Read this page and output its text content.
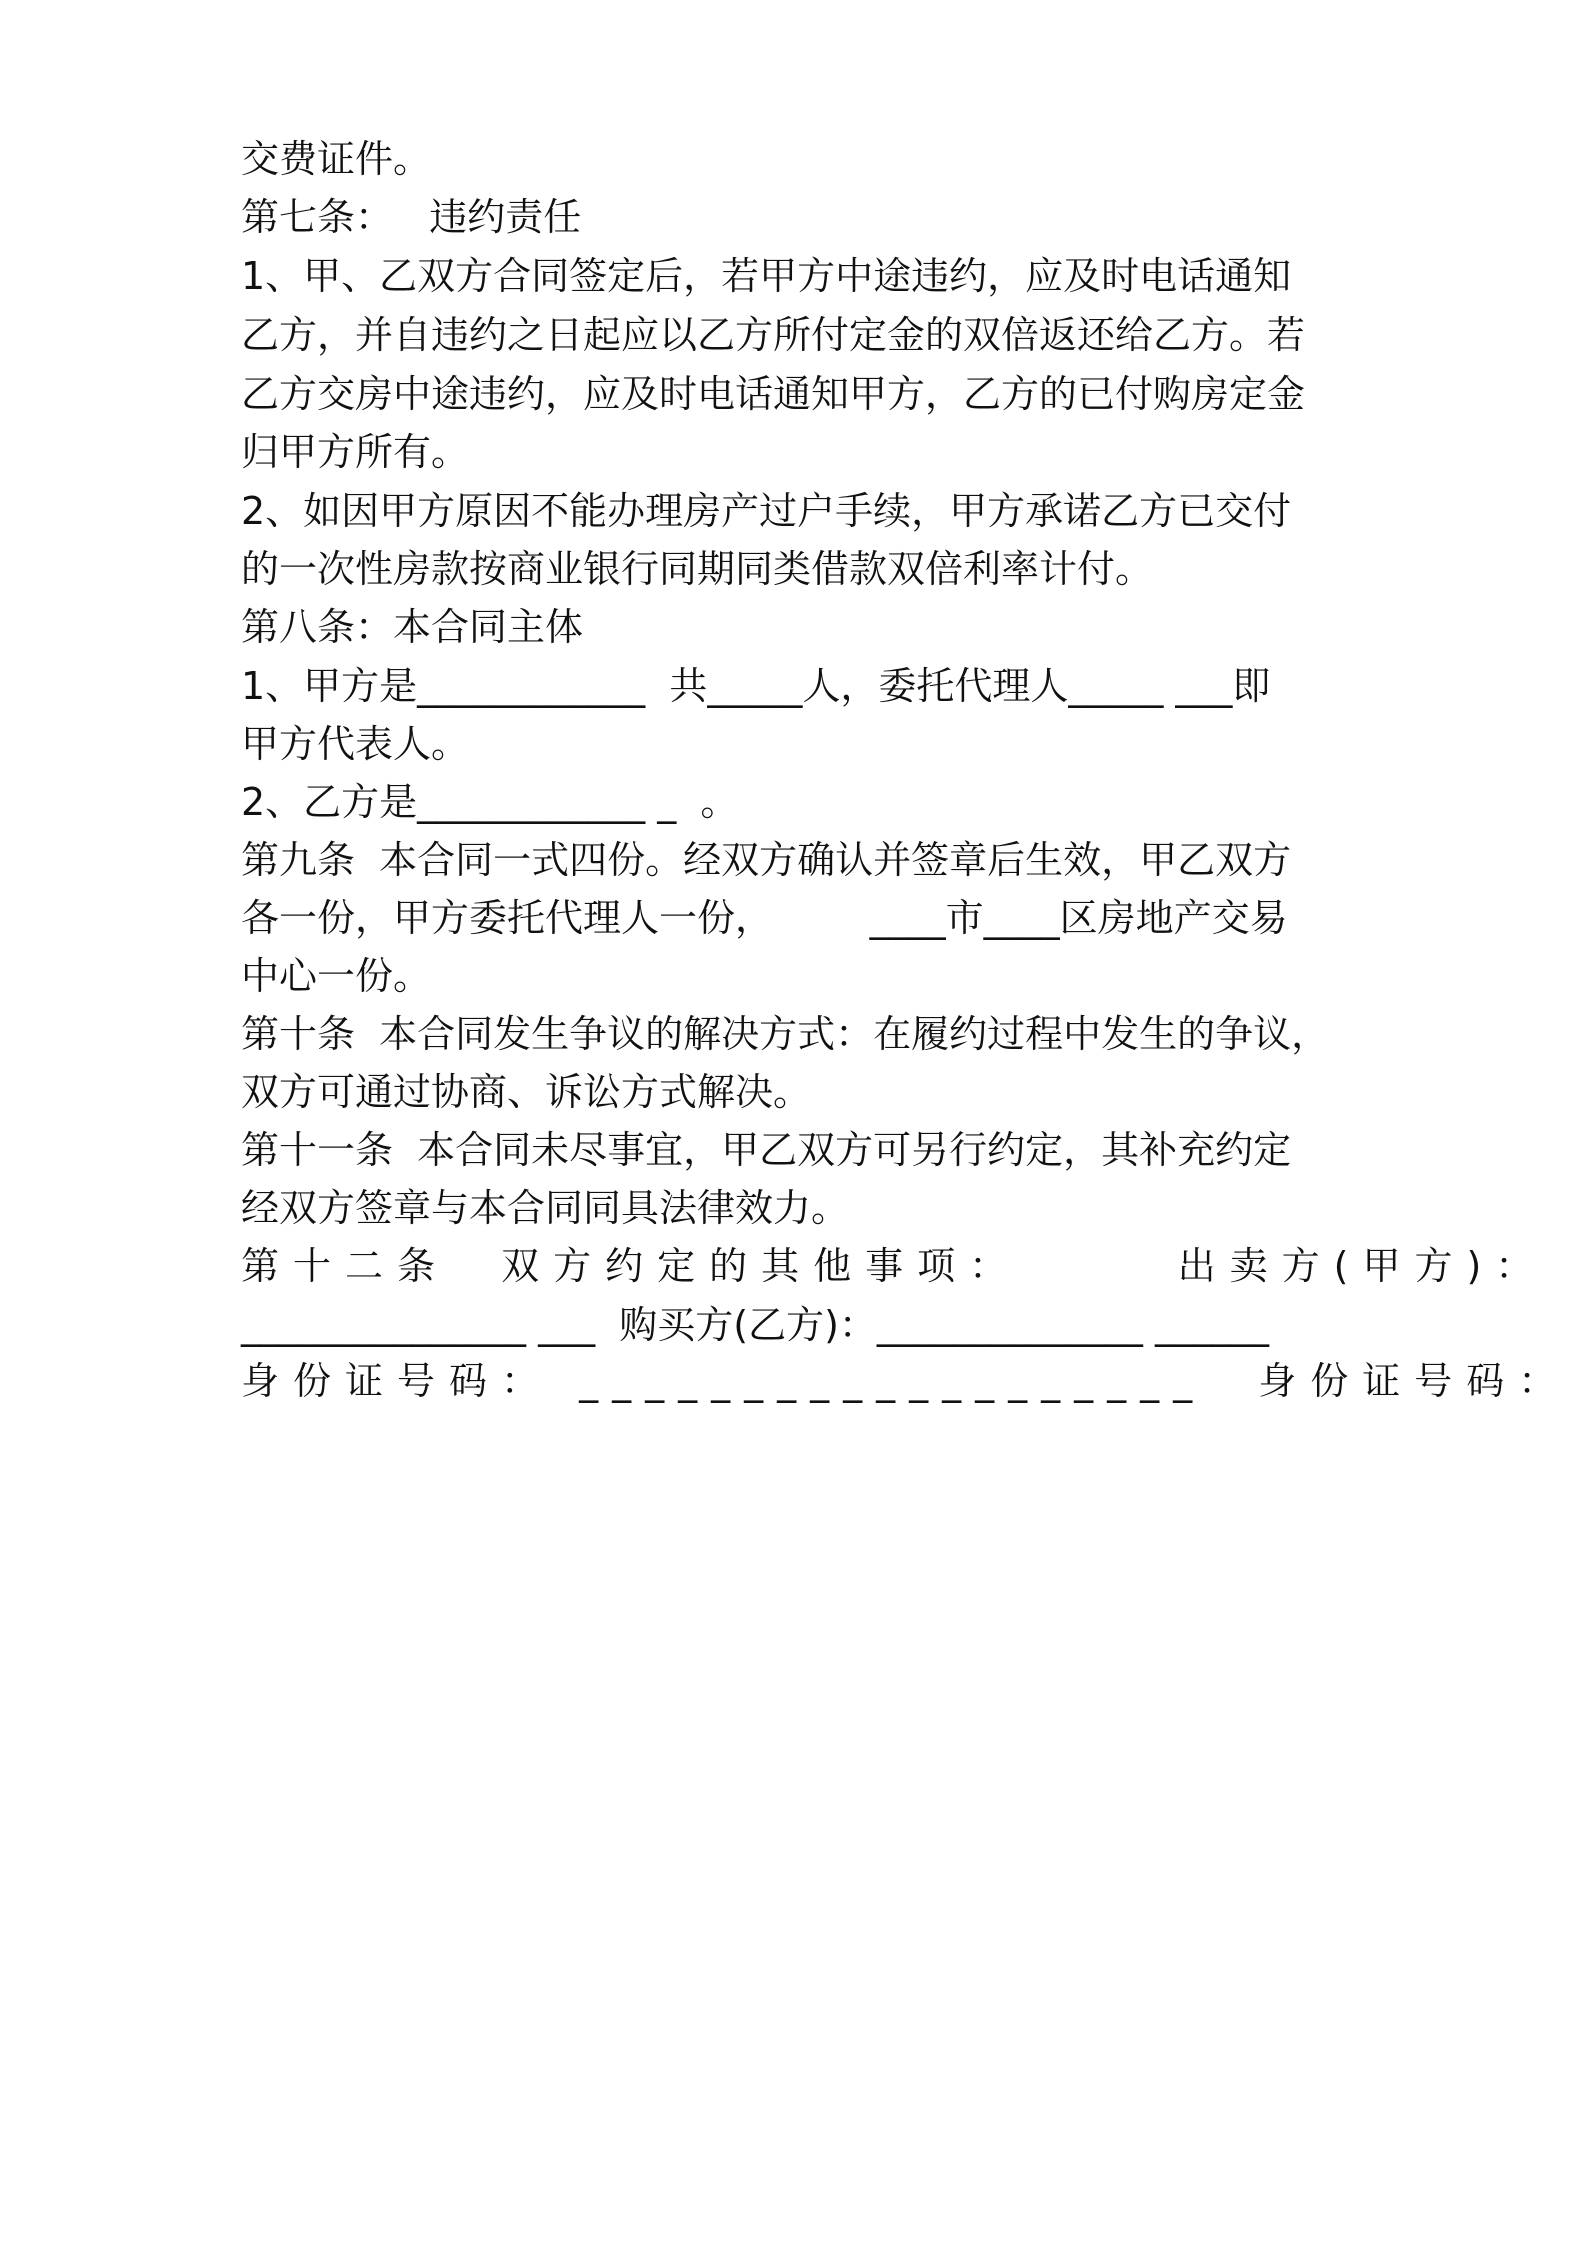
交费证件。
第七条：   违约责任
1、甲、乙双方合同签定后，若甲方中途违约，应及时电话通知
乙方，并自违约之日起应以乙方所付定金的双倍返还给乙方。若
乙方交房中途违约，应及时电话通知甲方，乙方的已付购房定金
归甲方所有。
2、如因甲方原因不能办理房产过户手续，甲方承诺乙方已交付
的一次性房款按商业银行同期同类借款双倍利率计付。
第八条：本合同主体
1、甲方是____________  共_____人，委托代理人_____ ___即
甲方代表人。
2、乙方是____________ _  。
第九条  本合同一式四份。经双方确认并签章后生效，甲乙双方
各一份，甲方委托代理人一份，        ____市____区房地产交易
中心一份。
第十条  本合同发生争议的解决方式：在履约过程中发生的争议，
双方可通过协商、诉讼方式解决。
第十一条  本合同未尽事宜，甲乙双方可另行约定，其补充约定
经双方签章与本合同同具法律效力。
第十二条  双方约定的其他事项：      出卖方(甲方)：
_______________ ___  购买方(乙方)：______________ ______
身份证号码： ___________________  身份证号码：
